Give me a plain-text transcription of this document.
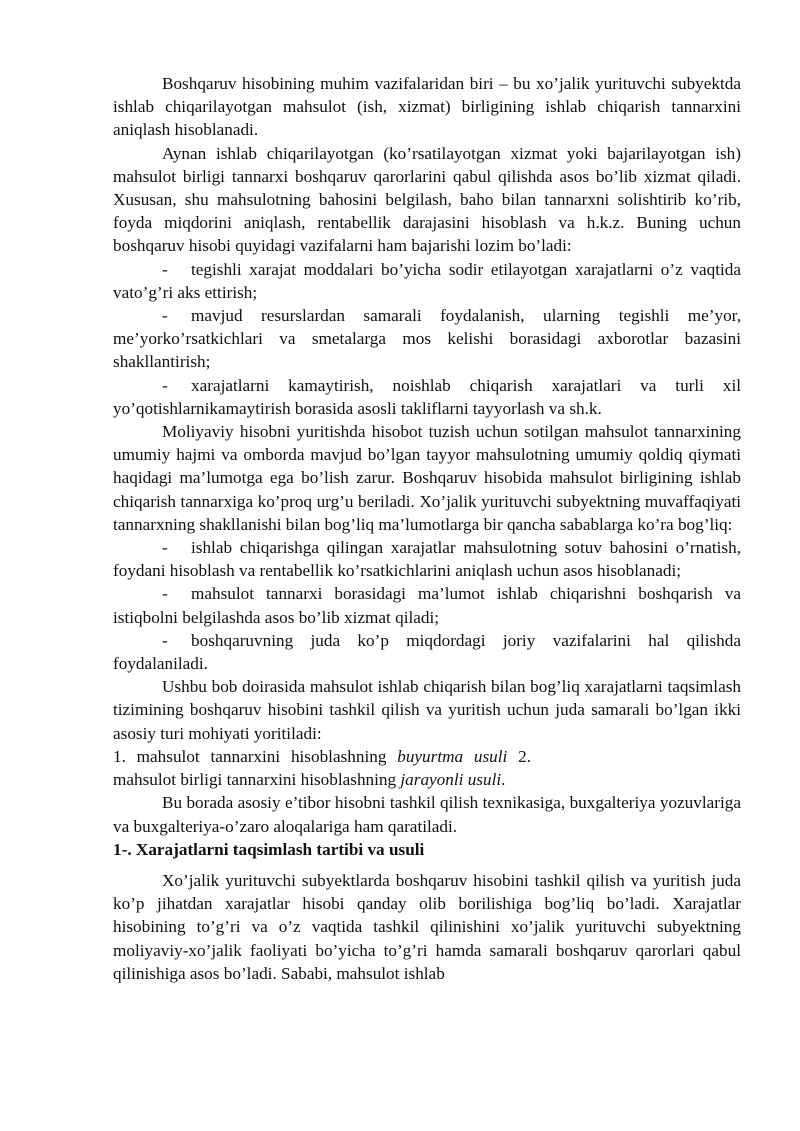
Boshqaruv hisobining muhim vazifalaridan biri – bu xo’jalik yurituvchi subyektda ishlab chiqarilayotgan mahsulot (ish, xizmat) birligining ishlab chiqarish tannarxini aniqlash hisoblanadi.

Aynan ishlab chiqarilayotgan (ko’rsatilayotgan xizmat yoki bajarilayotgan ish) mahsulot birligi tannarxi boshqaruv qarorlarini qabul qilishda asos bo’lib xizmat qiladi. Xususan, shu mahsulotning bahosini belgilash, baho bilan tannarxni solishtirib ko’rib, foyda miqdorini aniqlash, rentabellik darajasini hisoblash va h.k.z. Buning uchun boshqaruv hisobi quyidagi vazifalarni ham bajarishi lozim bo’ladi:

- tegishli xarajat moddalari bo’yicha sodir etilayotgan xarajatlarni o’z vaqtida vato’g’ri aks ettirish;

- mavjud resurslardan samarali foydalanish, ularning tegishli me’yor, me’yorko’rsatkichlari va smetalarga mos kelishi borasidagi axborotlar bazasini shakllantirish;

- xarajatlarni kamaytirish, noishlab chiqarish xarajatlari va turli xil yo’qotishlarnikamaytirish borasida asosli takliflarni tayyorlash va sh.k.

Moliyaviy hisobni yuritishda hisobot tuzish uchun sotilgan mahsulot tannarxining umumiy hajmi va omborda mavjud bo’lgan tayyor mahsulotning umumiy qoldiq qiymati haqidagi ma’lumotga ega bo’lish zarur. Boshqaruv hisobida mahsulot birligining ishlab chiqarish tannarxiga ko’proq urg’u beriladi. Xo’jalik yurituvchi subyektning muvaffaqiyati tannarxning shakllanishi bilan bog’liq ma’lumotlarga bir qancha sabablarga ko’ra bog’liq:

- ishlab chiqarishga qilingan xarajatlar mahsulotning sotuv bahosini o’rnatish, foydani hisoblash va rentabellik ko’rsatkichlarini aniqlash uchun asos hisoblanadi;

- mahsulot tannarxi borasidagi ma’lumot ishlab chiqarishni boshqarish va istiqbolni belgilashda asos bo’lib xizmat qiladi;

- boshqaruvning juda ko’p miqdordagi joriy vazifalarini hal qilishda foydalaniladi.

Ushbu bob doirasida mahsulot ishlab chiqarish bilan bog’liq xarajatlarni taqsimlash tizimining boshqaruv hisobini tashkil qilish va yuritish uchun juda samarali bo’lgan ikki asosiy turi mohiyati yoritiladi:

1. mahsulot tannarxini hisoblashning buyurtma usuli 2. mahsulot birligi tannarxini hisoblashning jarayonli usuli.

Bu borada asosiy e’tibor hisobni tashkil qilish texnikasiga, buxgalteriya yozuvlariga va buxgalteriya-o’zaro aloqalariga ham qaratiladi.

1-. Xarajatlarni taqsimlash tartibi va usuli

Xo’jalik yurituvchi subyektlarda boshqaruv hisobini tashkil qilish va yuritish juda ko’p jihatdan xarajatlar hisobi qanday olib borilishiga bog’liq bo’ladi. Xarajatlar hisobining to’g’ri va o’z vaqtida tashkil qilinishini xo’jalik yurituvchi subyektning moliyaviy-xo’jalik faoliyati bo’yicha to’g’ri hamda samarali boshqaruv qarorlari qabul qilinishiga asos bo’ladi. Sababi, mahsulot ishlab
